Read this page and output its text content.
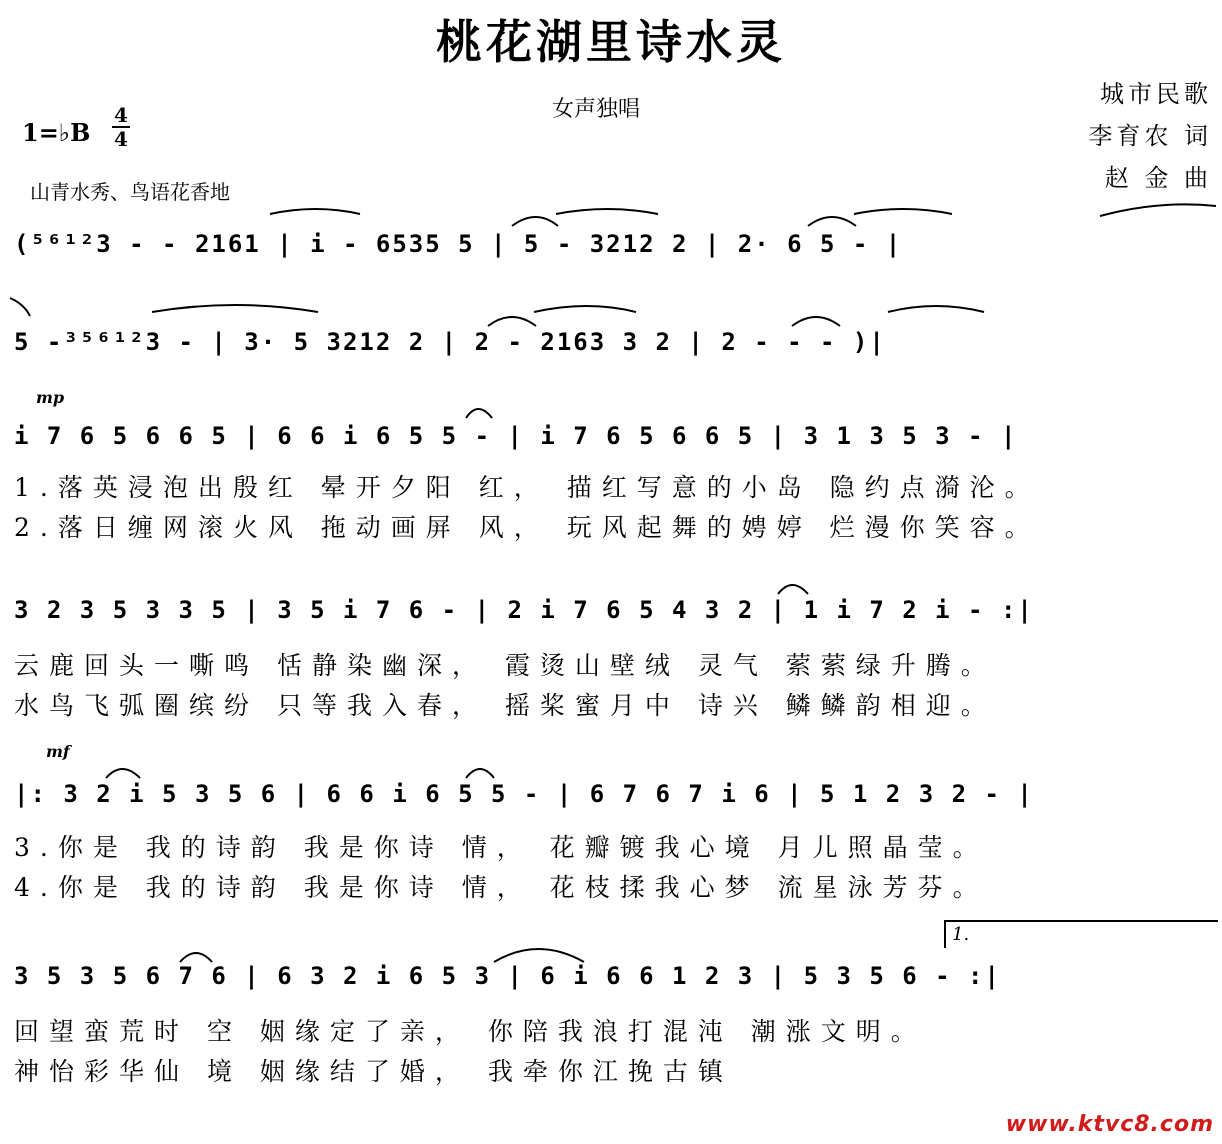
桃花湖里诗水灵
女声独唱
城市民歌
李育农 词
赵 金 曲
1=♭B
4
4
山青水秀、鸟语花香地
(⁵⁶¹²3 - - 2161 | i - 6535 5 | 5 - 3212 2 | 2· 6 5 - |
5 -³⁵⁶¹²3 - | 3· 5 3212 2 | 2 - 2163 3 2 | 2 - - - )|
mp
i 7 6 5 6 6 5 | 6 6 i 6 5 5 - | i 7 6 5 6 6 5 | 3 1 3 5 3 - |
1.落英浸泡出殷红 晕开夕阳 红， 描红写意的小岛 隐约点漪沦。
2.落日缠网滚火风 拖动画屏 风， 玩风起舞的娉婷 烂漫你笑容。
3 2 3 5 3 3 5 | 3 5 i 7 6 - | 2 i 7 6 5 4 3 2 | 1 i 7 2 i - :|
云鹿回头一嘶鸣 恬静染幽深， 霞烫山壁绒 灵气 萦萦绿升腾。
水鸟飞弧圈缤纷 只等我入春， 摇桨蜜月中 诗兴 鳞鳞韵相迎。
mf
|: 3 2 i 5 3 5 6 | 6 6 i 6 5 5 - | 6 7 6 7 i 6 | 5 1 2 3 2 - |
3.你是 我的诗韵 我是你诗 情， 花瓣镀我心境 月儿照晶莹。
4.你是 我的诗韵 我是你诗 情， 花枝揉我心梦 流星泳芳芬。
1.
3 5 3 5 6 7 6 | 6 3 2 i 6 5 3 | 6 i 6 6 1 2 3 | 5 3 5 6 - :|
回望蛮荒时 空 姻缘定了亲， 你陪我浪打混沌 潮涨文明。
神怡彩华仙 境 姻缘结了婚， 我牵你江挽古镇
www.ktvc8.com
